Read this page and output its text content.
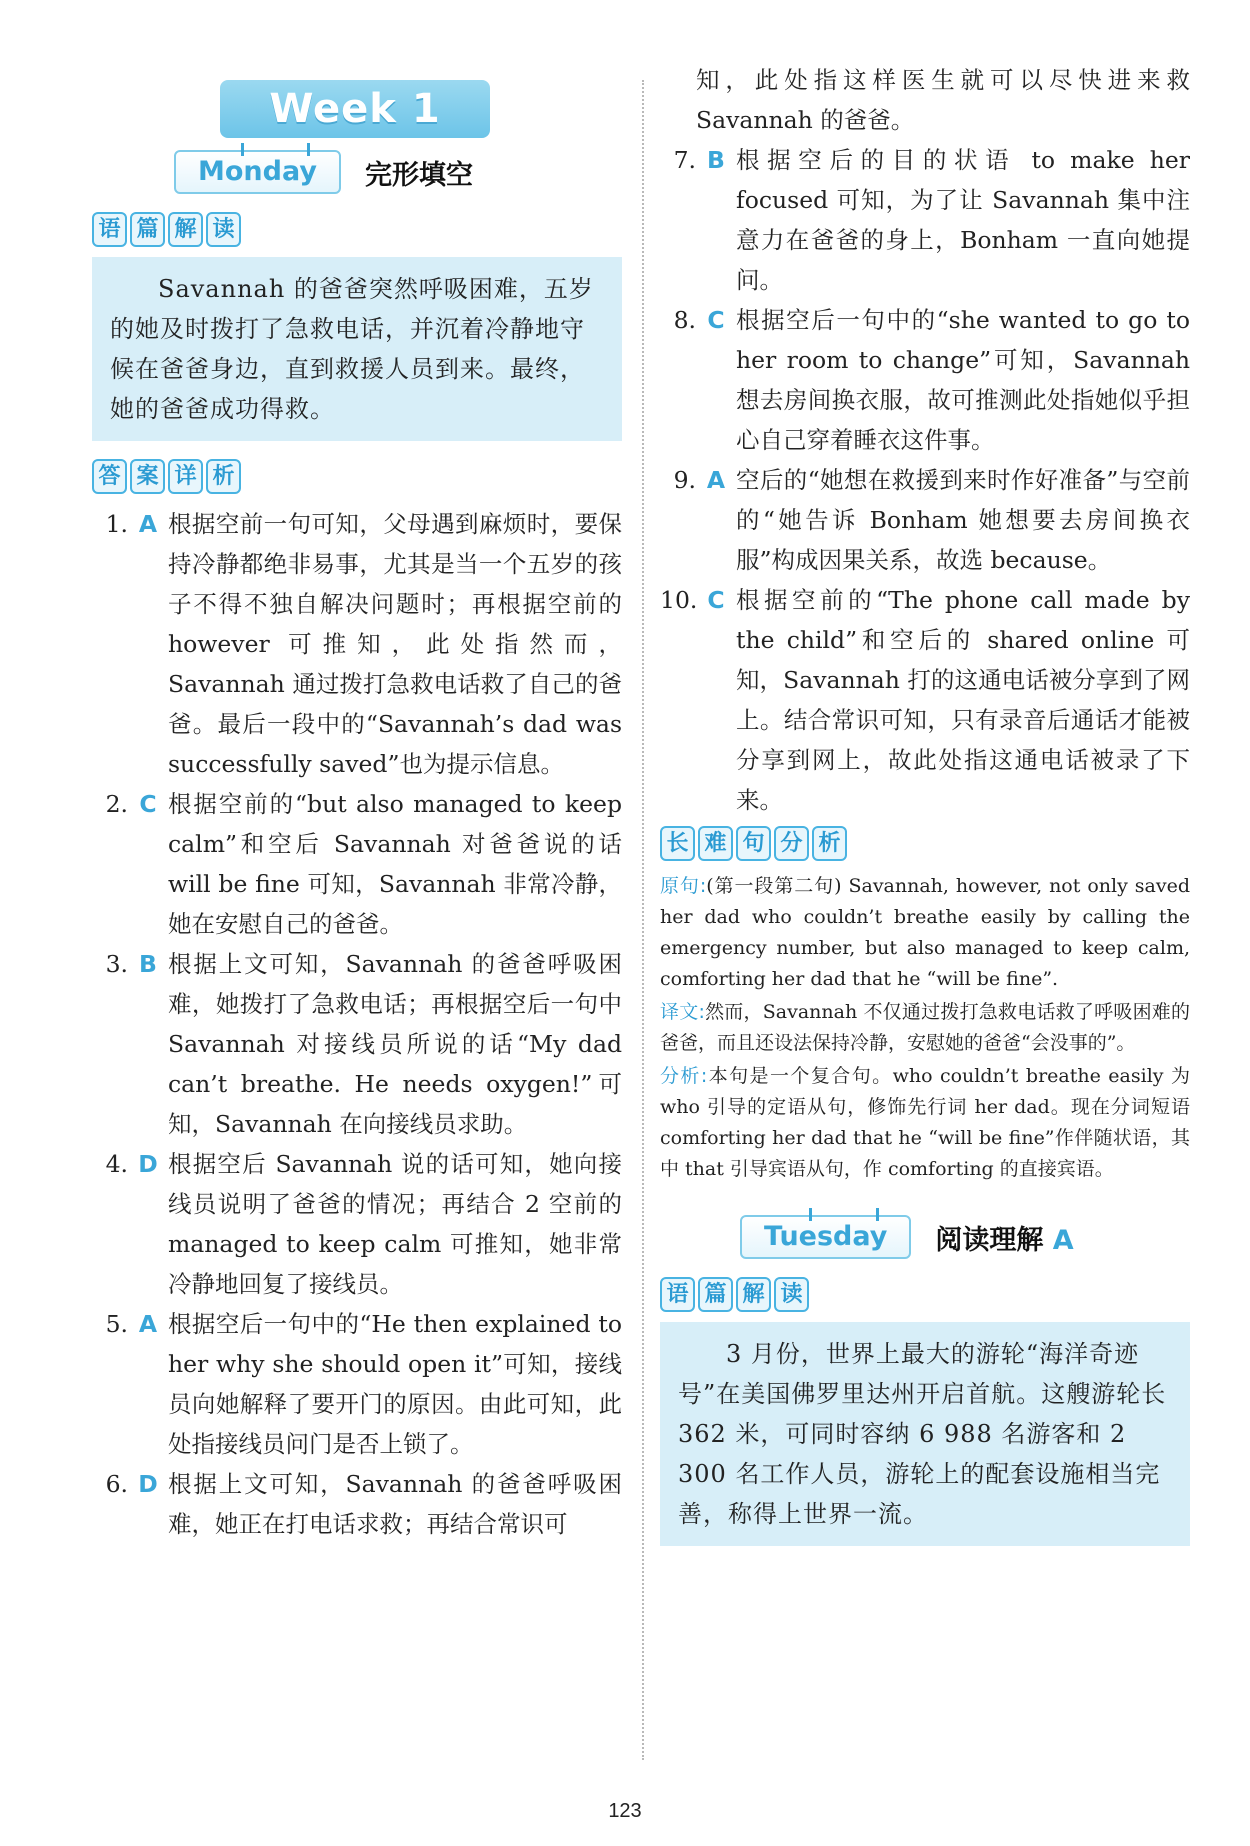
Week 1
Monday	完形填空
语 篇 解 读
Savannah 的爸爸突然呼吸困难，五岁的她及时拨打了急救电话，并沉着冷静地守候在爸爸身边，直到救援人员到来。最终，她的爸爸成功得救。
答 案 详 析
1. A 根据空前一句可知，父母遇到麻烦时，要保持冷静都绝非易事，尤其是当一个五岁的孩子不得不独自解决问题时；再根据空前的 however 可推知，此处指然而，Savannah 通过拨打急救电话救了自己的爸爸。最后一段中的“Savannah’s dad was successfully saved”也为提示信息。
2. C 根据空前的“but also managed to keep calm”和空后 Savannah 对爸爸说的话 will be fine 可知，Savannah 非常冷静，她在安慰自己的爸爸。
3. B 根据上文可知，Savannah 的爸爸呼吸困难，她拨打了急救电话；再根据空后一句中 Savannah 对接线员所说的话“My dad can’t breathe. He needs oxygen!”可知，Savannah 在向接线员求助。
4. D 根据空后 Savannah 说的话可知，她向接线员说明了爸爸的情况；再结合 2 空前的 managed to keep calm 可推知，她非常冷静地回复了接线员。
5. A 根据空后一句中的“He then explained to her why she should open it”可知，接线员向她解释了要开门的原因。由此可知，此处指接线员问门是否上锁了。
6. D 根据上文可知，Savannah 的爸爸呼吸困难，她正在打电话求救；再结合常识可
知，此处指这样医生就可以尽快进来救 Savannah 的爸爸。
7. B 根据空后的目的状语 to make her focused 可知，为了让 Savannah 集中注意力在爸爸的身上，Bonham 一直向她提问。
8. C 根据空后一句中的“she wanted to go to her room to change”可知，Savannah 想去房间换衣服，故可推测此处指她似乎担心自己穿着睡衣这件事。
9. A 空后的“她想在救援到来时作好准备”与空前的“她告诉 Bonham 她想要去房间换衣服”构成因果关系，故选 because。
10. C 根据空前的“The phone call made by the child”和空后的 shared online 可知，Savannah 打的这通电话被分享到了网上。结合常识可知，只有录音后通话才能被分享到网上，故此处指这通电话被录了下来。
长 难 句 分 析
原句:(第一段第二句) Savannah, however, not only saved her dad who couldn’t breathe easily by calling the emergency number, but also managed to keep calm, comforting her dad that he “will be fine”.
译文:然而，Savannah 不仅通过拨打急救电话救了呼吸困难的爸爸，而且还设法保持冷静，安慰她的爸爸“会没事的”。
分析:本句是一个复合句。who couldn’t breathe easily 为 who 引导的定语从句，修饰先行词 her dad。现在分词短语 comforting her dad that he “will be fine”作伴随状语，其中 that 引导宾语从句，作 comforting 的直接宾语。
Tuesday	阅读理解 A
语 篇 解 读
3 月份，世界上最大的游轮“海洋奇迹号”在美国佛罗里达州开启首航。这艘游轮长 362 米，可同时容纳 6 988 名游客和 2 300 名工作人员，游轮上的配套设施相当完善，称得上世界一流。
123
